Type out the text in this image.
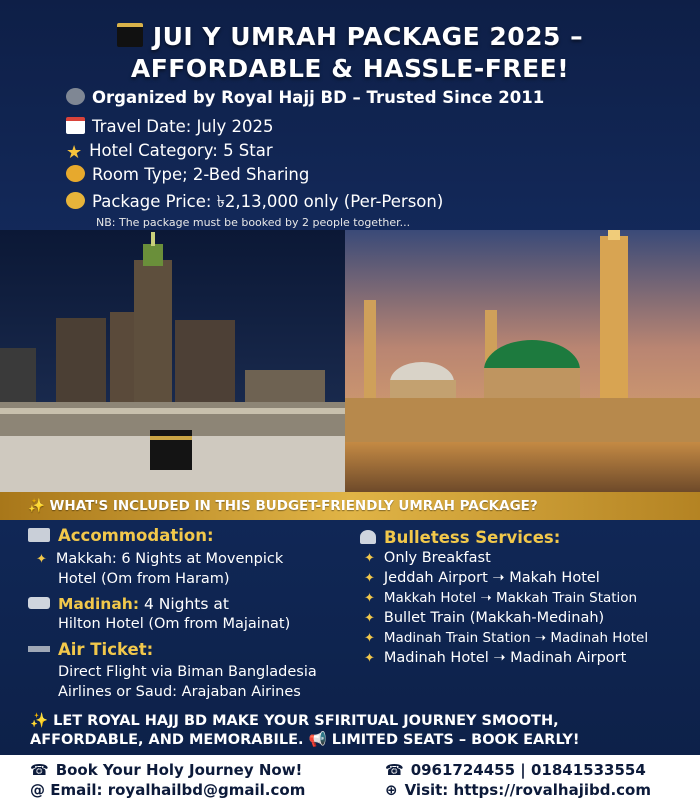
JUI Y UMRAH PACKAGE 2025 –
AFFORDABLE & HASSLE-FREE!
Organized by Royal Hajj BD – Trusted Since 2011
Travel Date: July 2025
★ Hotel Category: 5 Star
Room Type; 2-Bed Sharing
Package Price: ৳2,13,000 only (Per-Person)
NB: The package must be booked by 2 people together...
✨ WHAT'S INCLUDED IN THIS BUDGET-FRIENDLY UMRAH PACKAGE?
Accommodation:
✦ Makkah: 6 Nights at Movenpick
Hotel (Om from Haram)
Madinah: 4 Nights at
Hilton Hotel (Om from Majainat)
Air Ticket:
Direct Flight via Biman Bangladesia
Airlines or Saud: Arajaban Airines
Bulletess Services:
✦ Only Breakfast
✦ Jeddah Airport ➝ Makah Hotel
✦ Makkah Hotel ➝ Makkah Train Station
✦ Bullet Train (Makkah-Medinah)
✦ Madinah Train Station ➝ Madinah Hotel
✦ Madinah Hotel ➝ Madinah Airport
✨ LET ROYAL HAJJ BD MAKE YOUR SFIRITUAL JOURNEY SMOOTH,
AFFORDABLE, AND MEMORABILE. 📢 LIMITED SEATS – BOOK EARLY!
☎ Book Your Holy Journey Now!	☎ 0961724455 | 01841533554
@ Email: royalhailbd@gmail.com	⊕ Visit: https://rovalhajibd.com
